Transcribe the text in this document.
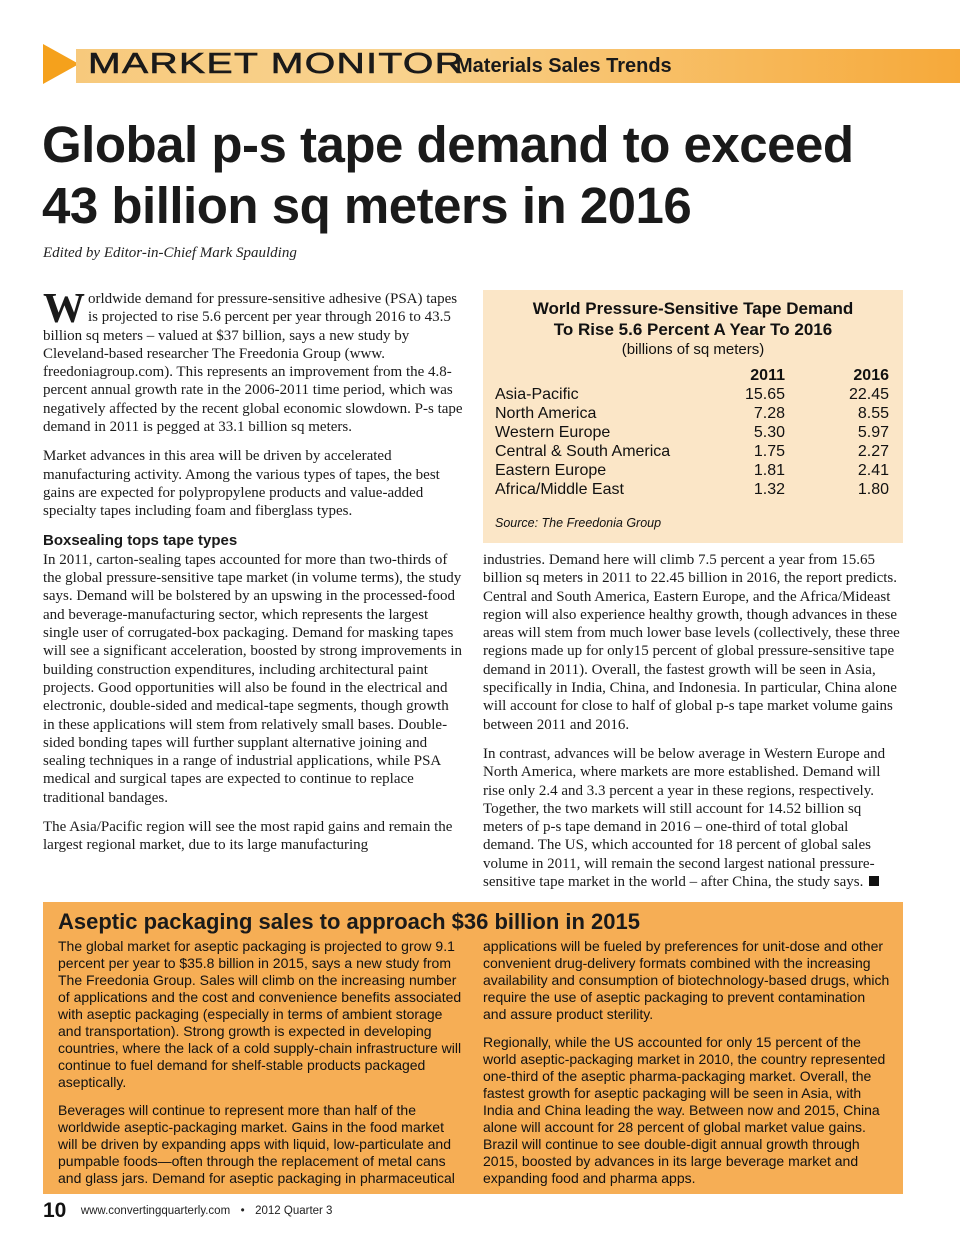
MARKET MONITOR
Materials Sales Trends
Global p-s tape demand to exceed 43 billion sq meters in 2016
Edited by Editor-in-Chief Mark Spaulding

Worldwide demand for pressure-sensitive adhesive (PSA) tapes is projected to rise 5.6 percent per year through 2016 to 43.5 billion sq meters – valued at $37 billion, says a new study by Cleveland-based researcher The Freedonia Group (www. freedoniagroup.com). This represents an improvement from the 4.8-percent annual growth rate in the 2006-2011 time period, which was negatively affected by the recent global economic slowdown. P-s tape demand in 2011 is pegged at 33.1 billion sq meters.

Market advances in this area will be driven by accelerated manufacturing activity. Among the various types of tapes, the best gains are expected for polypropylene products and value-added specialty tapes including foam and fiberglass types.

Boxsealing tops tape types

In 2011, carton-sealing tapes accounted for more than two-thirds of the global pressure-sensitive tape market (in volume terms), the study says. Demand will be bolstered by an upswing in the processed-food and beverage-manufacturing sector, which represents the largest single user of corrugated-box packaging. Demand for masking tapes will see a significant acceleration, boosted by strong improvements in building construction expenditures, including architectural paint projects. Good opportunities will also be found in the electrical and electronic, double-sided and medical-tape segments, though growth in these applications will stem from relatively small bases. Double-sided bonding tapes will further supplant alternative joining and sealing techniques in a range of industrial applications, while PSA medical and surgical tapes are expected to continue to replace traditional bandages.

The Asia/Pacific region will see the most rapid gains and remain the largest regional market, due to its large manufacturing

World Pressure-Sensitive Tape Demand
To Rise 5.6 Percent A Year To 2016
(billions of sq meters)
	2011	2016
Asia-Pacific	15.65	22.45
North America	7.28	8.55
Western Europe	5.30	5.97
Central & South America	1.75	2.27
Eastern Europe	1.81	2.41
Africa/Middle East	1.32	1.80
Source: The Freedonia Group

industries. Demand here will climb 7.5 percent a year from 15.65 billion sq meters in 2011 to 22.45 billion in 2016, the report predicts. Central and South America, Eastern Europe, and the Africa/Mideast region will also experience healthy growth, though advances in these areas will stem from much lower base levels (collectively, these three regions made up for only15 percent of global pressure-sensitive tape demand in 2011). Overall, the fastest growth will be seen in Asia, specifically in India, China, and Indonesia. In particular, China alone will account for close to half of global p-s tape market volume gains between 2011 and 2016.

In contrast, advances will be below average in Western Europe and North America, where markets are more established. Demand will rise only 2.4 and 3.3 percent a year in these regions, respectively. Together, the two markets will still account for 14.52 billion sq meters of p-s tape demand in 2016 – one-third of total global demand. The US, which accounted for 18 percent of global sales volume in 2011, will remain the second largest national pressure-sensitive tape market in the world – after China, the study says.

Aseptic packaging sales to approach $36 billion in 2015

The global market for aseptic packaging is projected to grow 9.1 percent per year to $35.8 billion in 2015, says a new study from The Freedonia Group. Sales will climb on the increasing number of applications and the cost and convenience benefits associated with aseptic packaging (especially in terms of ambient storage and transportation). Strong growth is expected in developing countries, where the lack of a cold supply-chain infrastructure will continue to fuel demand for shelf-stable products packaged aseptically.

Beverages will continue to represent more than half of the worldwide aseptic-packaging market. Gains in the food market will be driven by expanding apps with liquid, low-particulate and pumpable foods—often through the replacement of metal cans and glass jars. Demand for aseptic packaging in pharmaceutical

applications will be fueled by preferences for unit-dose and other convenient drug-delivery formats combined with the increasing availability and consumption of biotechnology-based drugs, which require the use of aseptic packaging to prevent contamination and assure product sterility.

Regionally, while the US accounted for only 15 percent of the world aseptic-packaging market in 2010, the country represented one-third of the aseptic pharma-packaging market. Overall, the fastest growth for aseptic packaging will be seen in Asia, with India and China leading the way. Between now and 2015, China alone will account for 28 percent of global market value gains. Brazil will continue to see double-digit annual growth through 2015, boosted by advances in its large beverage market and expanding food and pharma apps.

10 www.convertingquarterly.com • 2012 Quarter 3
